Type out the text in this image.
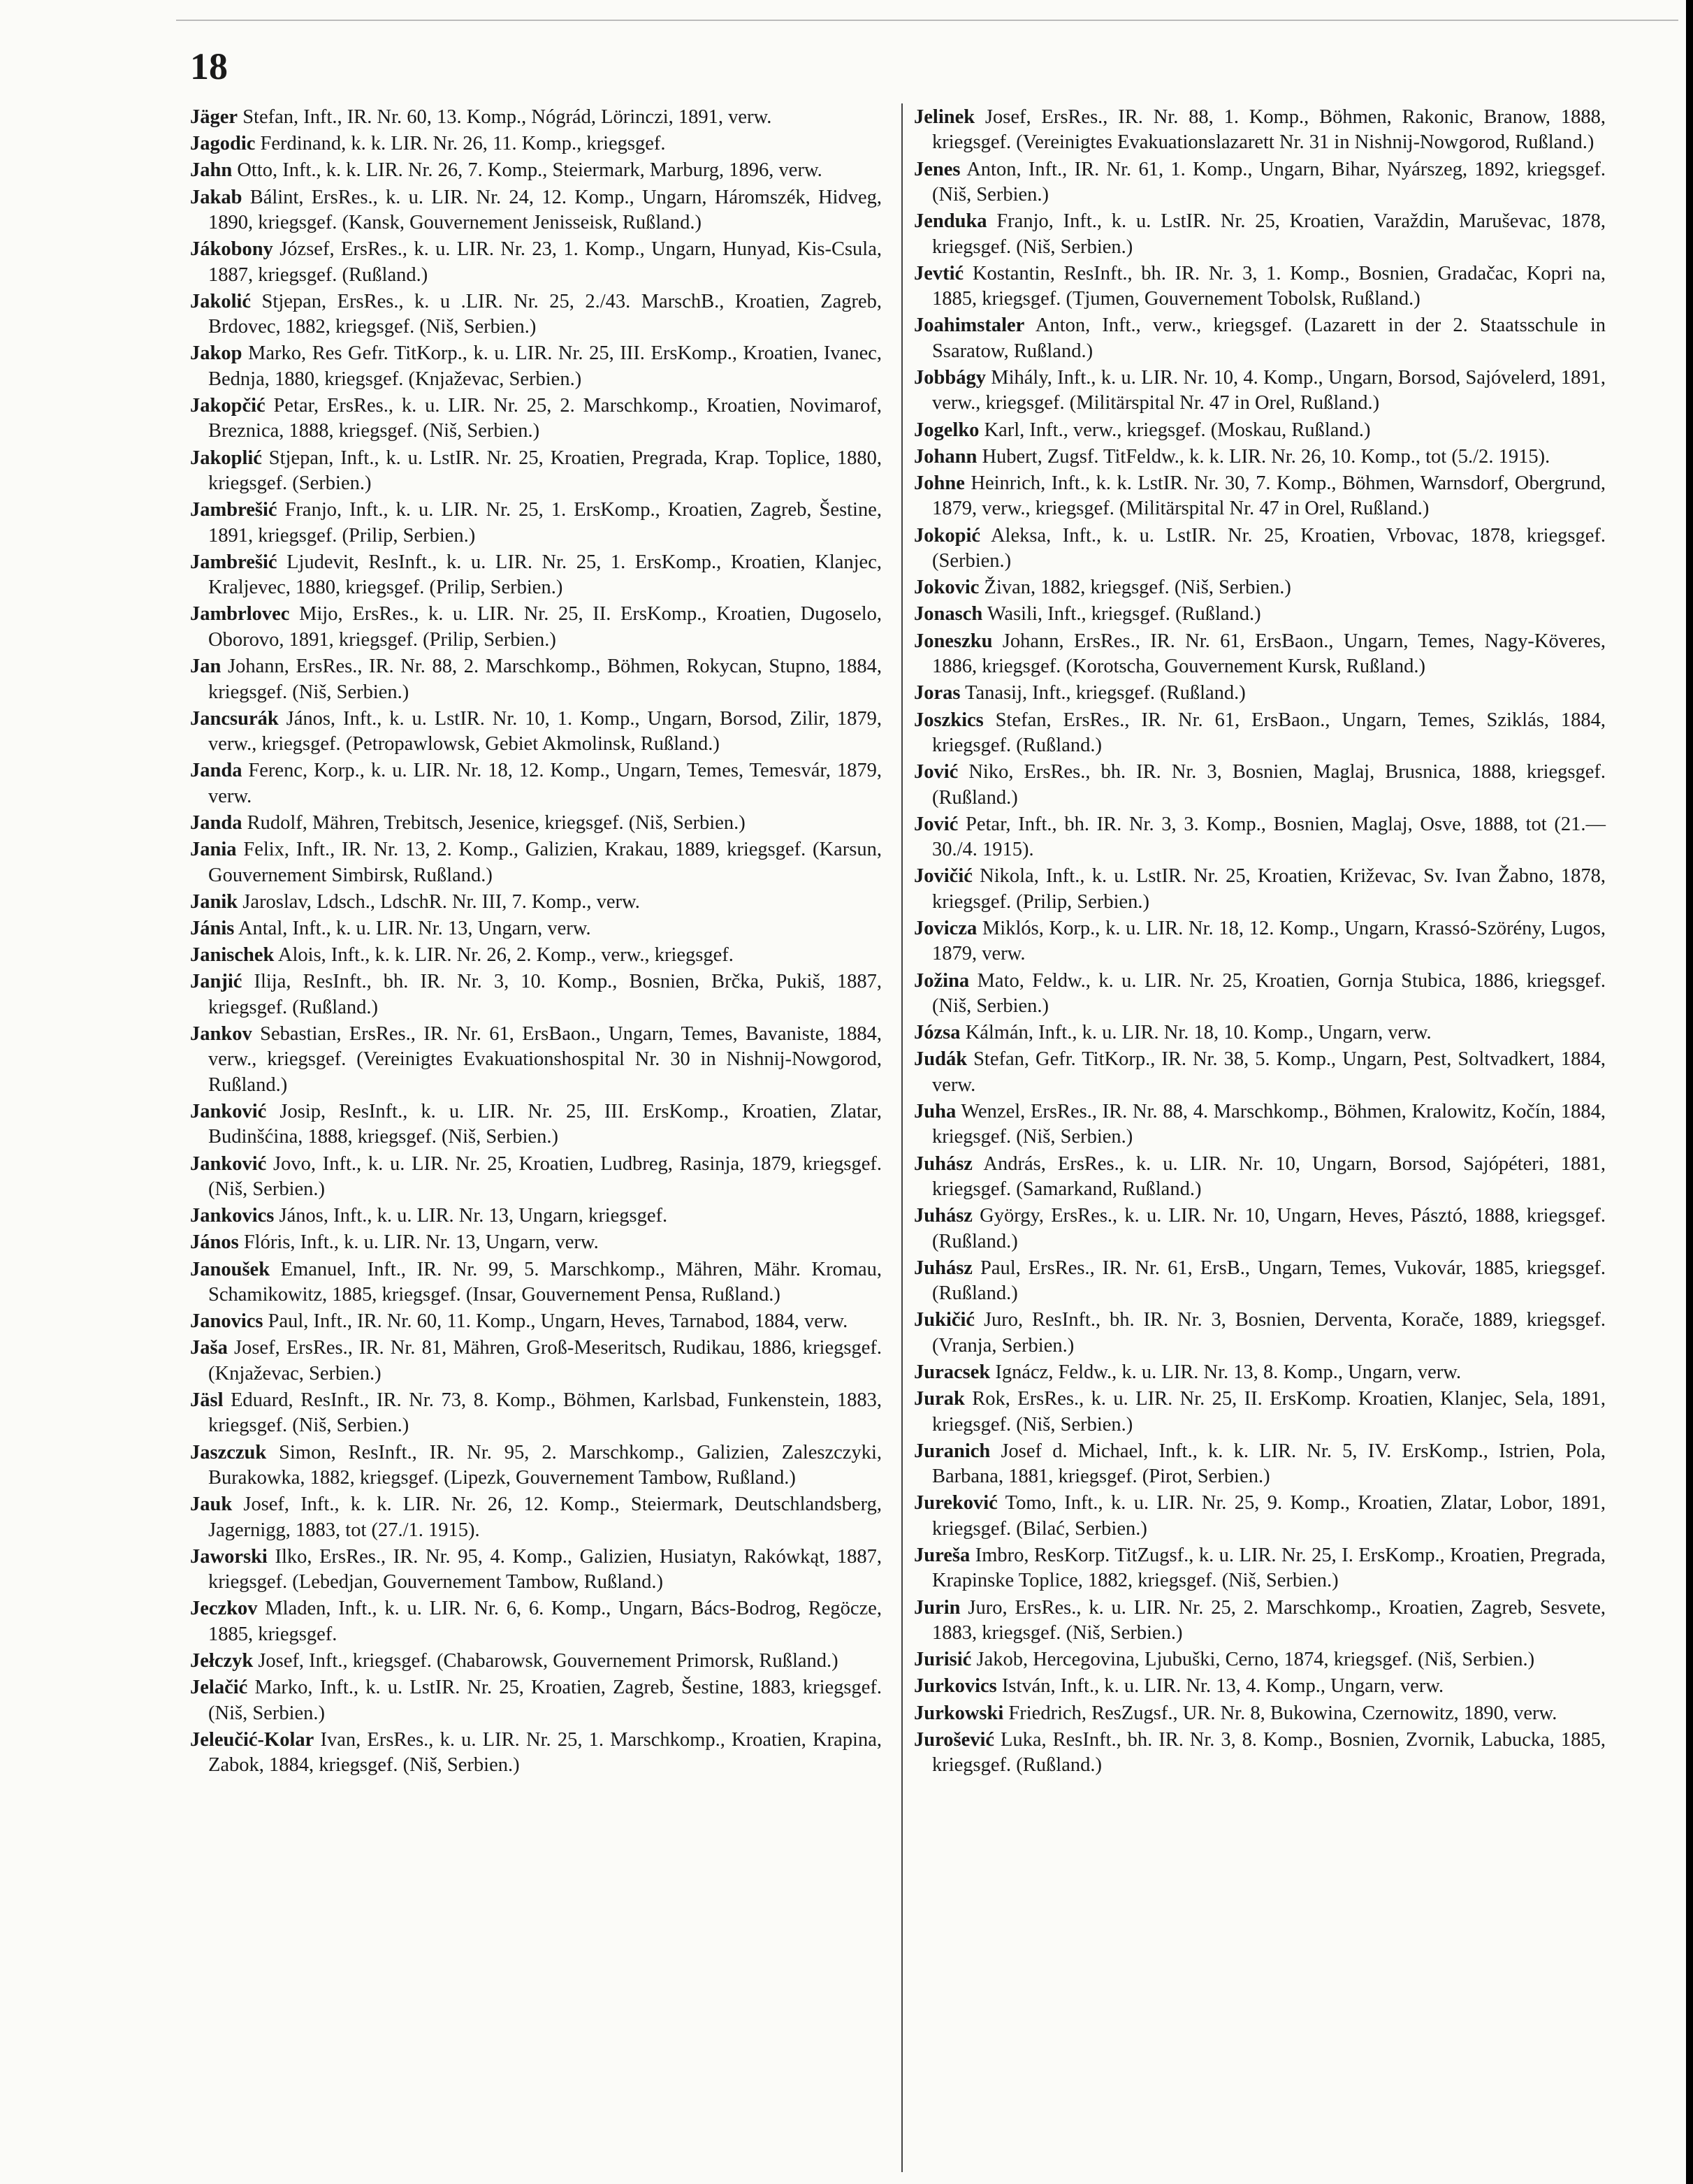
18

Jäger Stefan, Inft., IR. Nr. 60, 13. Komp., Nógrád, Lörinczi, 1891, verw.

Jagodic Ferdinand, k. k. LIR. Nr. 26, 11. Komp., kriegsgef.

Jahn Otto, Inft., k. k. LIR. Nr. 26, 7. Komp., Steiermark, Marburg, 1896, verw.

Jakab Bálint, ErsRes., k. u. LIR. Nr. 24, 12. Komp., Ungarn, Háromszék, Hidveg, 1890, kriegsgef. (Kansk, Gouvernement Jenisseisk, Rußland.)

Jákobony József, ErsRes., k. u. LIR. Nr. 23, 1. Komp., Ungarn, Hunyad, Kis-Csula, 1887, kriegsgef. (Rußland.)

Jakolić Stjepan, ErsRes., k. u .LIR. Nr. 25, 2./43. MarschB., Kroatien, Zagreb, Brdovec, 1882, kriegsgef. (Niš, Serbien.)

Jakop Marko, Res Gefr. TitKorp., k. u. LIR. Nr. 25, III. ErsKomp., Kroatien, Ivanec, Bednja, 1880, kriegsgef. (Knjaževac, Serbien.)

Jakopčić Petar, ErsRes., k. u. LIR. Nr. 25, 2. Marschkomp., Kroatien, Novimarof, Breznica, 1888, kriegsgef. (Niš, Serbien.)

Jakoplić Stjepan, Inft., k. u. LstIR. Nr. 25, Kroatien, Pregrada, Krap. Toplice, 1880, kriegsgef. (Serbien.)

Jambrešić Franjo, Inft., k. u. LIR. Nr. 25, 1. ErsKomp., Kroatien, Zagreb, Šestine, 1891, kriegsgef. (Prilip, Serbien.)

Jambrešić Ljudevit, ResInft., k. u. LIR. Nr. 25, 1. ErsKomp., Kroatien, Klanjec, Kraljevec, 1880, kriegsgef. (Prilip, Serbien.)

Jambrlovec Mijo, ErsRes., k. u. LIR. Nr. 25, II. ErsKomp., Kroatien, Dugoselo, Oborovo, 1891, kriegsgef. (Prilip, Serbien.)

Jan Johann, ErsRes., IR. Nr. 88, 2. Marschkomp., Böhmen, Rokycan, Stupno, 1884, kriegsgef. (Niš, Serbien.)

Jancsurák János, Inft., k. u. LstIR. Nr. 10, 1. Komp., Ungarn, Borsod, Zilir, 1879, verw., kriegsgef. (Petropawlowsk, Gebiet Akmolinsk, Rußland.)

Janda Ferenc, Korp., k. u. LIR. Nr. 18, 12. Komp., Ungarn, Temes, Temesvár, 1879, verw.

Janda Rudolf, Mähren, Trebitsch, Jesenice, kriegsgef. (Niš, Serbien.)

Jania Felix, Inft., IR. Nr. 13, 2. Komp., Galizien, Krakau, 1889, kriegsgef. (Karsun, Gouvernement Simbirsk, Rußland.)

Janik Jaroslav, Ldsch., LdschR. Nr. III, 7. Komp., verw.

Jánis Antal, Inft., k. u. LIR. Nr. 13, Ungarn, verw.

Janischek Alois, Inft., k. k. LIR. Nr. 26, 2. Komp., verw., kriegsgef.

Janjić Ilija, ResInft., bh. IR. Nr. 3, 10. Komp., Bosnien, Brčka, Pukiš, 1887, kriegsgef. (Rußland.)

Jankov Sebastian, ErsRes., IR. Nr. 61, ErsBaon., Ungarn, Temes, Bavaniste, 1884, verw., kriegsgef. (Vereinigtes Evakuationshospital Nr. 30 in Nishnij-Nowgorod, Rußland.)

Janković Josip, ResInft., k. u. LIR. Nr. 25, III. ErsKomp., Kroatien, Zlatar, Budinšćina, 1888, kriegsgef. (Niš, Serbien.)

Janković Jovo, Inft., k. u. LIR. Nr. 25, Kroatien, Ludbreg, Rasinja, 1879, kriegsgef. (Niš, Serbien.)

Jankovics János, Inft., k. u. LIR. Nr. 13, Ungarn, kriegsgef.

János Flóris, Inft., k. u. LIR. Nr. 13, Ungarn, verw.

Janoušek Emanuel, Inft., IR. Nr. 99, 5. Marschkomp., Mähren, Mähr. Kromau, Schamikowitz, 1885, kriegsgef. (Insar, Gouvernement Pensa, Rußland.)

Janovics Paul, Inft., IR. Nr. 60, 11. Komp., Ungarn, Heves, Tarnabod, 1884, verw.

Jaša Josef, ErsRes., IR. Nr. 81, Mähren, Groß-Meseritsch, Rudikau, 1886, kriegsgef. (Knjaževac, Serbien.)

Jäsl Eduard, ResInft., IR. Nr. 73, 8. Komp., Böhmen, Karlsbad, Funkenstein, 1883, kriegsgef. (Niš, Serbien.)

Jaszczuk Simon, ResInft., IR. Nr. 95, 2. Marschkomp., Galizien, Zaleszczyki, Burakowka, 1882, kriegsgef. (Lipezk, Gouvernement Tambow, Rußland.)

Jauk Josef, Inft., k. k. LIR. Nr. 26, 12. Komp., Steiermark, Deutschlandsberg, Jagernigg, 1883, tot (27./1. 1915).

Jaworski Ilko, ErsRes., IR. Nr. 95, 4. Komp., Galizien, Husiatyn, Rakówkąt, 1887, kriegsgef. (Lebedjan, Gouvernement Tambow, Rußland.)

Jeczkov Mladen, Inft., k. u. LIR. Nr. 6, 6. Komp., Ungarn, Bács-Bodrog, Regöcze, 1885, kriegsgef.

Jełczyk Josef, Inft., kriegsgef. (Chabarowsk, Gouvernement Primorsk, Rußland.)

Jelačić Marko, Inft., k. u. LstIR. Nr. 25, Kroatien, Zagreb, Šestine, 1883, kriegsgef. (Niš, Serbien.)

Jeleučić-Kolar Ivan, ErsRes., k. u. LIR. Nr. 25, 1. Marschkomp., Kroatien, Krapina, Zabok, 1884, kriegsgef. (Niš, Serbien.)

Jelinek Josef, ErsRes., IR. Nr. 88, 1. Komp., Böhmen, Rakonic, Branow, 1888, kriegsgef. (Vereinigtes Evakuationslazarett Nr. 31 in Nishnij-Nowgorod, Rußland.)

Jenes Anton, Inft., IR. Nr. 61, 1. Komp., Ungarn, Bihar, Nyárszeg, 1892, kriegsgef. (Niš, Serbien.)

Jenduka Franjo, Inft., k. u. LstIR. Nr. 25, Kroatien, Varaždin, Maruševac, 1878, kriegsgef. (Niš, Serbien.)

Jevtić Kostantin, ResInft., bh. IR. Nr. 3, 1. Komp., Bosnien, Gradačac, Kopri na, 1885, kriegsgef. (Tjumen, Gouvernement Tobolsk, Rußland.)

Joahimstaler Anton, Inft., verw., kriegsgef. (Lazarett in der 2. Staatsschule in Ssaratow, Rußland.)

Jobbágy Mihály, Inft., k. u. LIR. Nr. 10, 4. Komp., Ungarn, Borsod, Sajóvelerd, 1891, verw., kriegsgef. (Militärspital Nr. 47 in Orel, Rußland.)

Jogelko Karl, Inft., verw., kriegsgef. (Moskau, Rußland.)

Johann Hubert, Zugsf. TitFeldw., k. k. LIR. Nr. 26, 10. Komp., tot (5./2. 1915).

Johne Heinrich, Inft., k. k. LstIR. Nr. 30, 7. Komp., Böhmen, Warnsdorf, Obergrund, 1879, verw., kriegsgef. (Militärspital Nr. 47 in Orel, Rußland.)

Jokopić Aleksa, Inft., k. u. LstIR. Nr. 25, Kroatien, Vrbovac, 1878, kriegsgef. (Serbien.)

Jokovic Živan, 1882, kriegsgef. (Niš, Serbien.)

Jonasch Wasili, Inft., kriegsgef. (Rußland.)

Joneszku Johann, ErsRes., IR. Nr. 61, ErsBaon., Ungarn, Temes, Nagy-Köveres, 1886, kriegsgef. (Korotscha, Gouvernement Kursk, Rußland.)

Joras Tanasij, Inft., kriegsgef. (Rußland.)

Joszkics Stefan, ErsRes., IR. Nr. 61, ErsBaon., Ungarn, Temes, Sziklás, 1884, kriegsgef. (Rußland.)

Jović Niko, ErsRes., bh. IR. Nr. 3, Bosnien, Maglaj, Brusnica, 1888, kriegsgef. (Rußland.)

Jović Petar, Inft., bh. IR. Nr. 3, 3. Komp., Bosnien, Maglaj, Osve, 1888, tot (21.—30./4. 1915).

Jovičić Nikola, Inft., k. u. LstIR. Nr. 25, Kroatien, Križevac, Sv. Ivan Žabno, 1878, kriegsgef. (Prilip, Serbien.)

Jovicza Miklós, Korp., k. u. LIR. Nr. 18, 12. Komp., Ungarn, Krassó-Szörény, Lugos, 1879, verw.

Jožina Mato, Feldw., k. u. LIR. Nr. 25, Kroatien, Gornja Stubica, 1886, kriegsgef. (Niš, Serbien.)

Józsa Kálmán, Inft., k. u. LIR. Nr. 18, 10. Komp., Ungarn, verw.

Judák Stefan, Gefr. TitKorp., IR. Nr. 38, 5. Komp., Ungarn, Pest, Soltvadkert, 1884, verw.

Juha Wenzel, ErsRes., IR. Nr. 88, 4. Marschkomp., Böhmen, Kralowitz, Kočín, 1884, kriegsgef. (Niš, Serbien.)

Juhász András, ErsRes., k. u. LIR. Nr. 10, Ungarn, Borsod, Sajópéteri, 1881, kriegsgef. (Samarkand, Rußland.)

Juhász György, ErsRes., k. u. LIR. Nr. 10, Ungarn, Heves, Pásztó, 1888, kriegsgef. (Rußland.)

Juhász Paul, ErsRes., IR. Nr. 61, ErsB., Ungarn, Temes, Vukovár, 1885, kriegsgef. (Rußland.)

Jukičić Juro, ResInft., bh. IR. Nr. 3, Bosnien, Derventa, Korače, 1889, kriegsgef. (Vranja, Serbien.)

Juracsek Ignácz, Feldw., k. u. LIR. Nr. 13, 8. Komp., Ungarn, verw.

Jurak Rok, ErsRes., k. u. LIR. Nr. 25, II. ErsKomp. Kroatien, Klanjec, Sela, 1891, kriegsgef. (Niš, Serbien.)

Juranich Josef d. Michael, Inft., k. k. LIR. Nr. 5, IV. ErsKomp., Istrien, Pola, Barbana, 1881, kriegsgef. (Pirot, Serbien.)

Jureković Tomo, Inft., k. u. LIR. Nr. 25, 9. Komp., Kroatien, Zlatar, Lobor, 1891, kriegsgef. (Bilać, Serbien.)

Jureša Imbro, ResKorp. TitZugsf., k. u. LIR. Nr. 25, I. ErsKomp., Kroatien, Pregrada, Krapinske Toplice, 1882, kriegsgef. (Niš, Serbien.)

Jurin Juro, ErsRes., k. u. LIR. Nr. 25, 2. Marschkomp., Kroatien, Zagreb, Sesvete, 1883, kriegsgef. (Niš, Serbien.)

Jurisić Jakob, Hercegovina, Ljubuški, Cerno, 1874, kriegsgef. (Niš, Serbien.)

Jurkovics István, Inft., k. u. LIR. Nr. 13, 4. Komp., Ungarn, verw.

Jurkowski Friedrich, ResZugsf., UR. Nr. 8, Bukowina, Czernowitz, 1890, verw.

Jurošević Luka, ResInft., bh. IR. Nr. 3, 8. Komp., Bosnien, Zvornik, Labucka, 1885, kriegsgef. (Rußland.)
